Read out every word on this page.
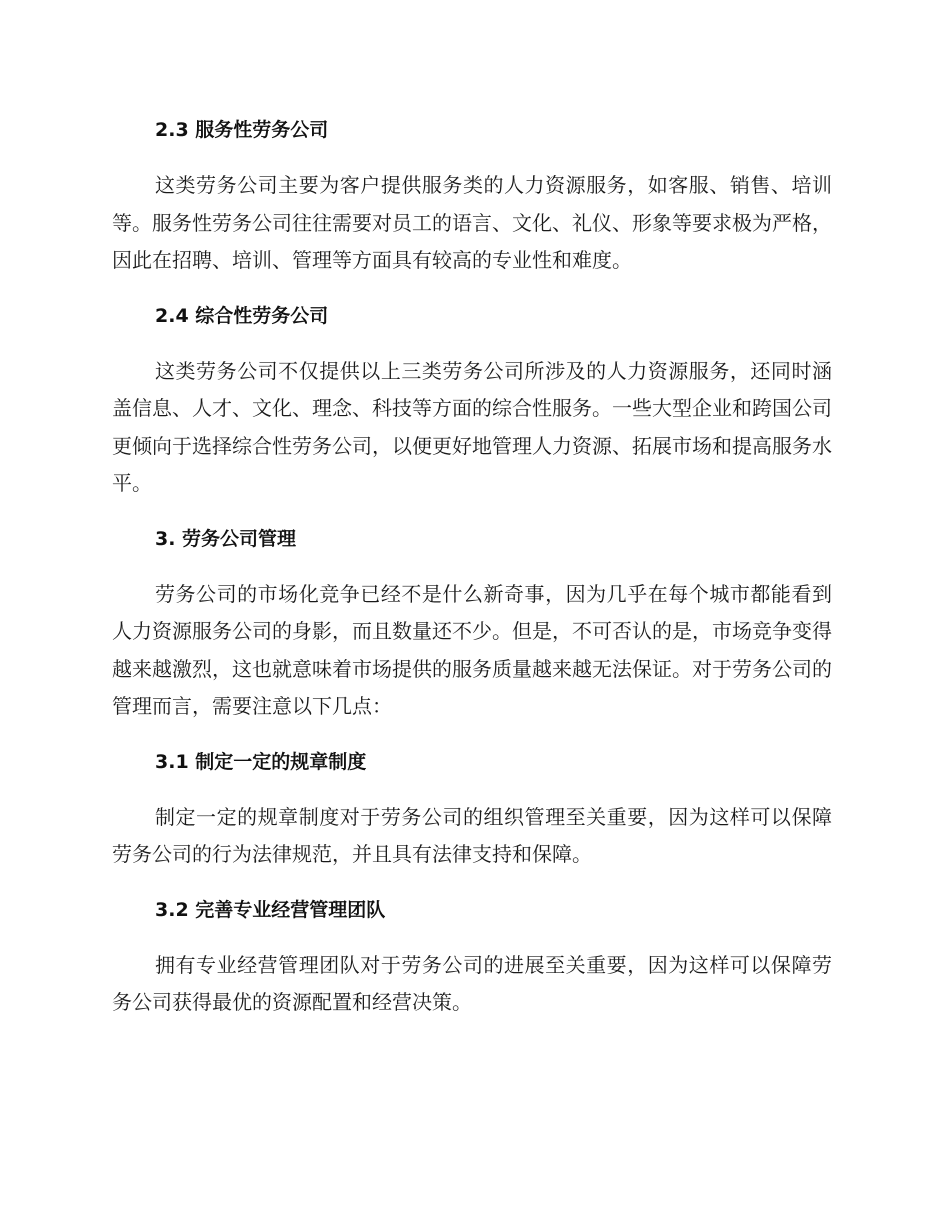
2.3 服务性劳务公司

这类劳务公司主要为客户提供服务类的人力资源服务，如客服、销售、培训等。服务性劳务公司往往需要对员工的语言、文化、礼仪、形象等要求极为严格，因此在招聘、培训、管理等方面具有较高的专业性和难度。

2.4 综合性劳务公司

这类劳务公司不仅提供以上三类劳务公司所涉及的人力资源服务，还同时涵盖信息、人才、文化、理念、科技等方面的综合性服务。一些大型企业和跨国公司更倾向于选择综合性劳务公司，以便更好地管理人力资源、拓展市场和提高服务水平。

3. 劳务公司管理

劳务公司的市场化竞争已经不是什么新奇事，因为几乎在每个城市都能看到人力资源服务公司的身影，而且数量还不少。但是，不可否认的是，市场竞争变得越来越激烈，这也就意味着市场提供的服务质量越来越无法保证。对于劳务公司的管理而言，需要注意以下几点：

3.1 制定一定的规章制度

制定一定的规章制度对于劳务公司的组织管理至关重要，因为这样可以保障劳务公司的行为法律规范，并且具有法律支持和保障。

3.2 完善专业经营管理团队

拥有专业经营管理团队对于劳务公司的进展至关重要，因为这样可以保障劳务公司获得最优的资源配置和经营决策。
